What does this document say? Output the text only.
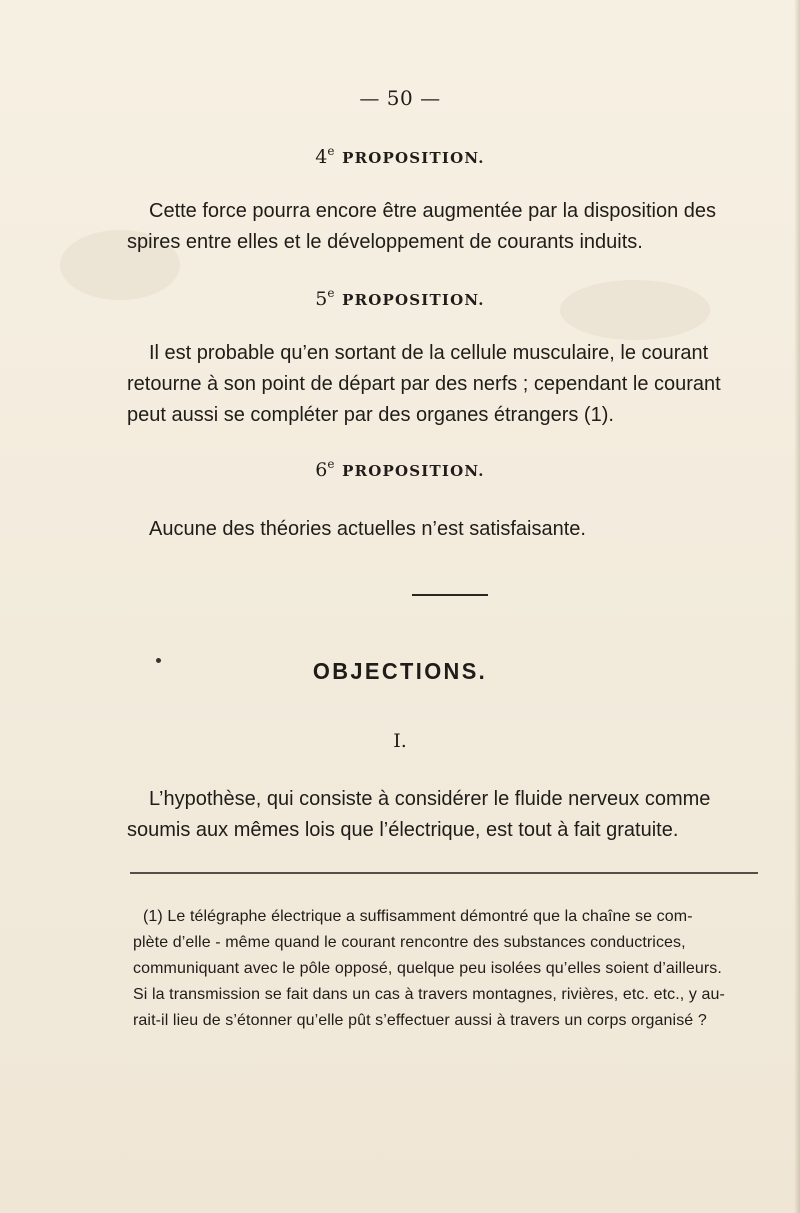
— 50 —
4e PROPOSITION.
Cette force pourra encore être augmentée par la disposition des
spires entre elles et le développement de courants induits.
5e PROPOSITION.
Il est probable qu’en sortant de la cellule musculaire, le courant
retourne à son point de départ par des nerfs ; cependant le courant
peut aussi se compléter par des organes étrangers (1).
6e PROPOSITION.
Aucune des théories actuelles n’est satisfaisante.
OBJECTIONS.
I.
L’hypothèse, qui consiste à considérer le fluide nerveux comme
soumis aux mêmes lois que l’électrique, est tout à fait gratuite.
(1) Le télégraphe électrique a suffisamment démontré que la chaîne se com-
plète d’elle - même quand le courant rencontre des substances conductrices,
communiquant avec le pôle opposé, quelque peu isolées qu’elles soient d’ailleurs.
Si la transmission se fait dans un cas à travers montagnes, rivières, etc. etc., y au-
rait-il lieu de s’étonner qu’elle pût s’effectuer aussi à travers un corps organisé ?
